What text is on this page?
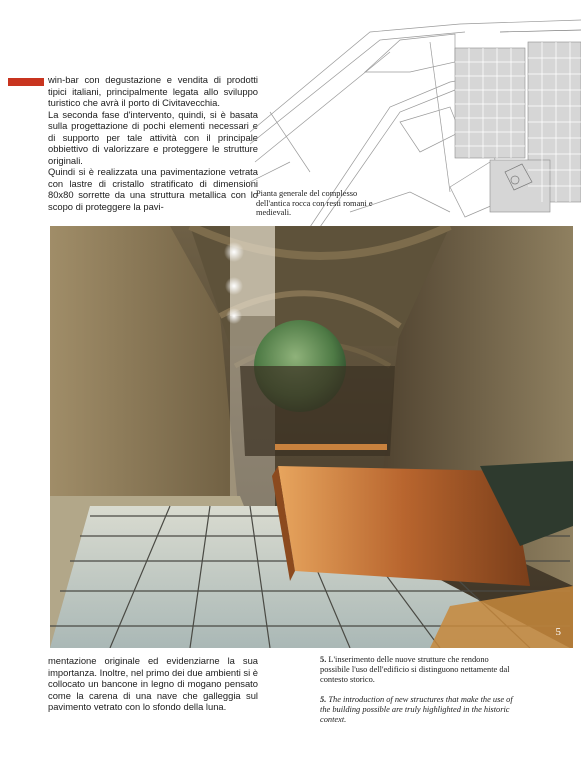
win-bar con degustazione e vendita di prodotti tipici italiani, principalmente legata allo sviluppo turistico che avrà il porto di Civitavecchia.

La seconda fase d'intervento, quindi, si è basata sulla progettazione di pochi elementi necessari e di supporto per tale attività con il principale obbiettivo di valorizzare e proteggere le strutture originali.

Quindi si è realizzata una pavimentazione vetrata con lastre di cristallo stratificato di dimensioni 80x80 sorrette da una struttura metallica con lo scopo di proteggere la pavi-

Pianta generale del complesso dell'antica rocca con resti romani e medievali.

5

mentazione originale ed evidenziarne la sua importanza. Inoltre, nel primo dei due ambienti si è collocato un bancone in legno di mogano pensato come la carena di una nave che galleggia sul pavimento vetrato con lo sfondo della luna.

5. L'inserimento delle nuove strutture che rendono possibile l'uso dell'edificio si distinguono nettamente dal contesto storico.

5. The introduction of new structures that make the use of the building possible are truly highlighted in the historic context.
